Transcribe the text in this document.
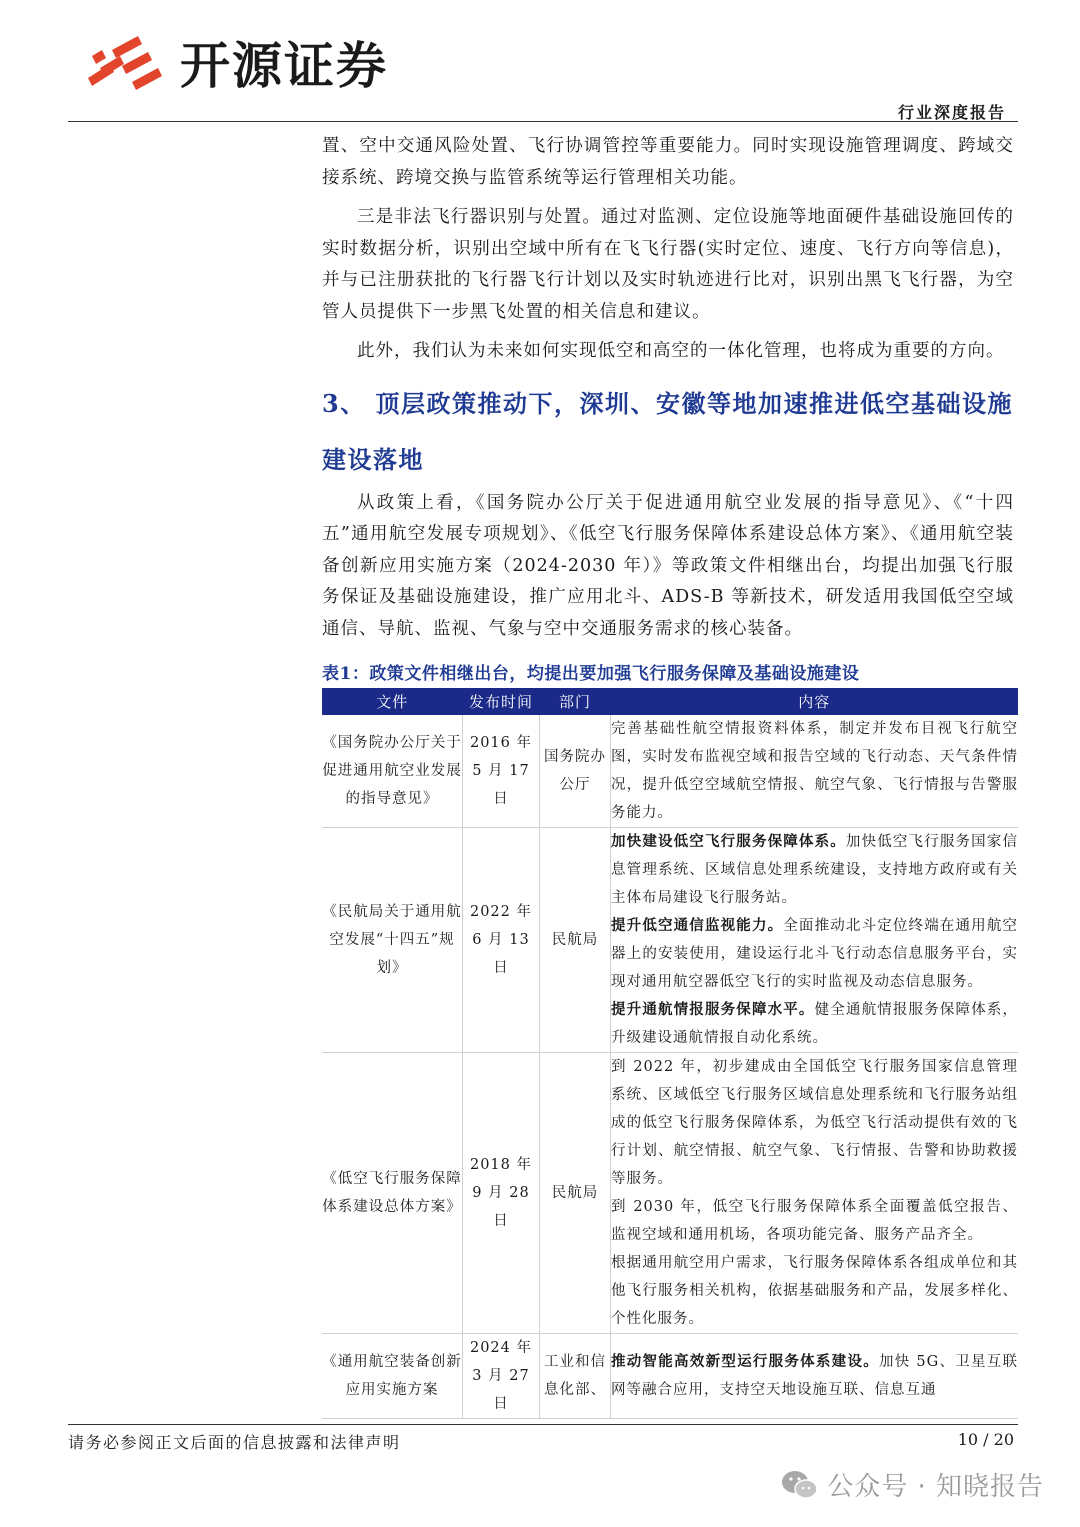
开源证券
行业深度报告

置、空中交通风险处置、飞行协调管控等重要能力。同时实现设施管理调度、跨域交接系统、跨境交换与监管系统等运行管理相关功能。

三是非法飞行器识别与处置。通过对监测、定位设施等地面硬件基础设施回传的实时数据分析，识别出空域中所有在飞飞行器(实时定位、速度、飞行方向等信息)，并与已注册获批的飞行器飞行计划以及实时轨迹进行比对，识别出黑飞飞行器，为空管人员提供下一步黑飞处置的相关信息和建议。

此外，我们认为未来如何实现低空和高空的一体化管理，也将成为重要的方向。

3、 顶层政策推动下，深圳、安徽等地加速推进低空基础设施
建设落地

从政策上看，《国务院办公厅关于促进通用航空业发展的指导意见》、《“十四五”通用航空发展专项规划》、《低空飞行服务保障体系建设总体方案》、《通用航空装备创新应用实施方案（2024-2030 年）》等政策文件相继出台，均提出加强飞行服务保证及基础设施建设，推广应用北斗、ADS-B 等新技术，研发适用我国低空空域通信、导航、监视、气象与空中交通服务需求的核心装备。

表1：政策文件相继出台，均提出要加强飞行服务保障及基础设施建设
文件	发布时间	部门	内容
《国务院办公厅关于促进通用航空业发展的指导意见》	2016 年 5 月 17 日	国务院办公厅	完善基础性航空情报资料体系，制定并发布目视飞行航空图，实时发布监视空域和报告空域的飞行动态、天气条件情况，提升低空空域航空情报、航空气象、飞行情报与告警服务能力。

《民航局关于通用航空发展“十四五”规划》	2022 年 6 月 13 日	民航局	加快建设低空飞行服务保障体系。加快低空飞行服务国家信息管理系统、区域信息处理系统建设，支持地方政府或有关主体布局建设飞行服务站。

提升低空通信监视能力。全面推动北斗定位终端在通用航空器上的安装使用，建设运行北斗飞行动态信息服务平台，实现对通用航空器低空飞行的实时监视及动态信息服务。

提升通航情报服务保障水平。健全通航情报服务保障体系，升级建设通航情报自动化系统。

《低空飞行服务保障体系建设总体方案》	2018 年 9 月 28 日	民航局	到 2022 年，初步建成由全国低空飞行服务国家信息管理系统、区域低空飞行服务区域信息处理系统和飞行服务站组成的低空飞行服务保障体系，为低空飞行活动提供有效的飞行计划、航空情报、航空气象、飞行情报、告警和协助救援等服务。

到 2030 年，低空飞行服务保障体系全面覆盖低空报告、监视空域和通用机场，各项功能完备、服务产品齐全。

根据通用航空用户需求，飞行服务保障体系各组成单位和其他飞行服务相关机构，依据基础服务和产品，发展多样化、个性化服务。

《通用航空装备创新应用实施方案	2024 年 3 月 27 日	工业和信息化部、	推动智能高效新型运行服务体系建设。加快 5G、卫星互联网等融合应用，支持空天地设施互联、信息互通

请务必参阅正文后面的信息披露和法律声明	10 / 20
公众号 · 知晓报告
